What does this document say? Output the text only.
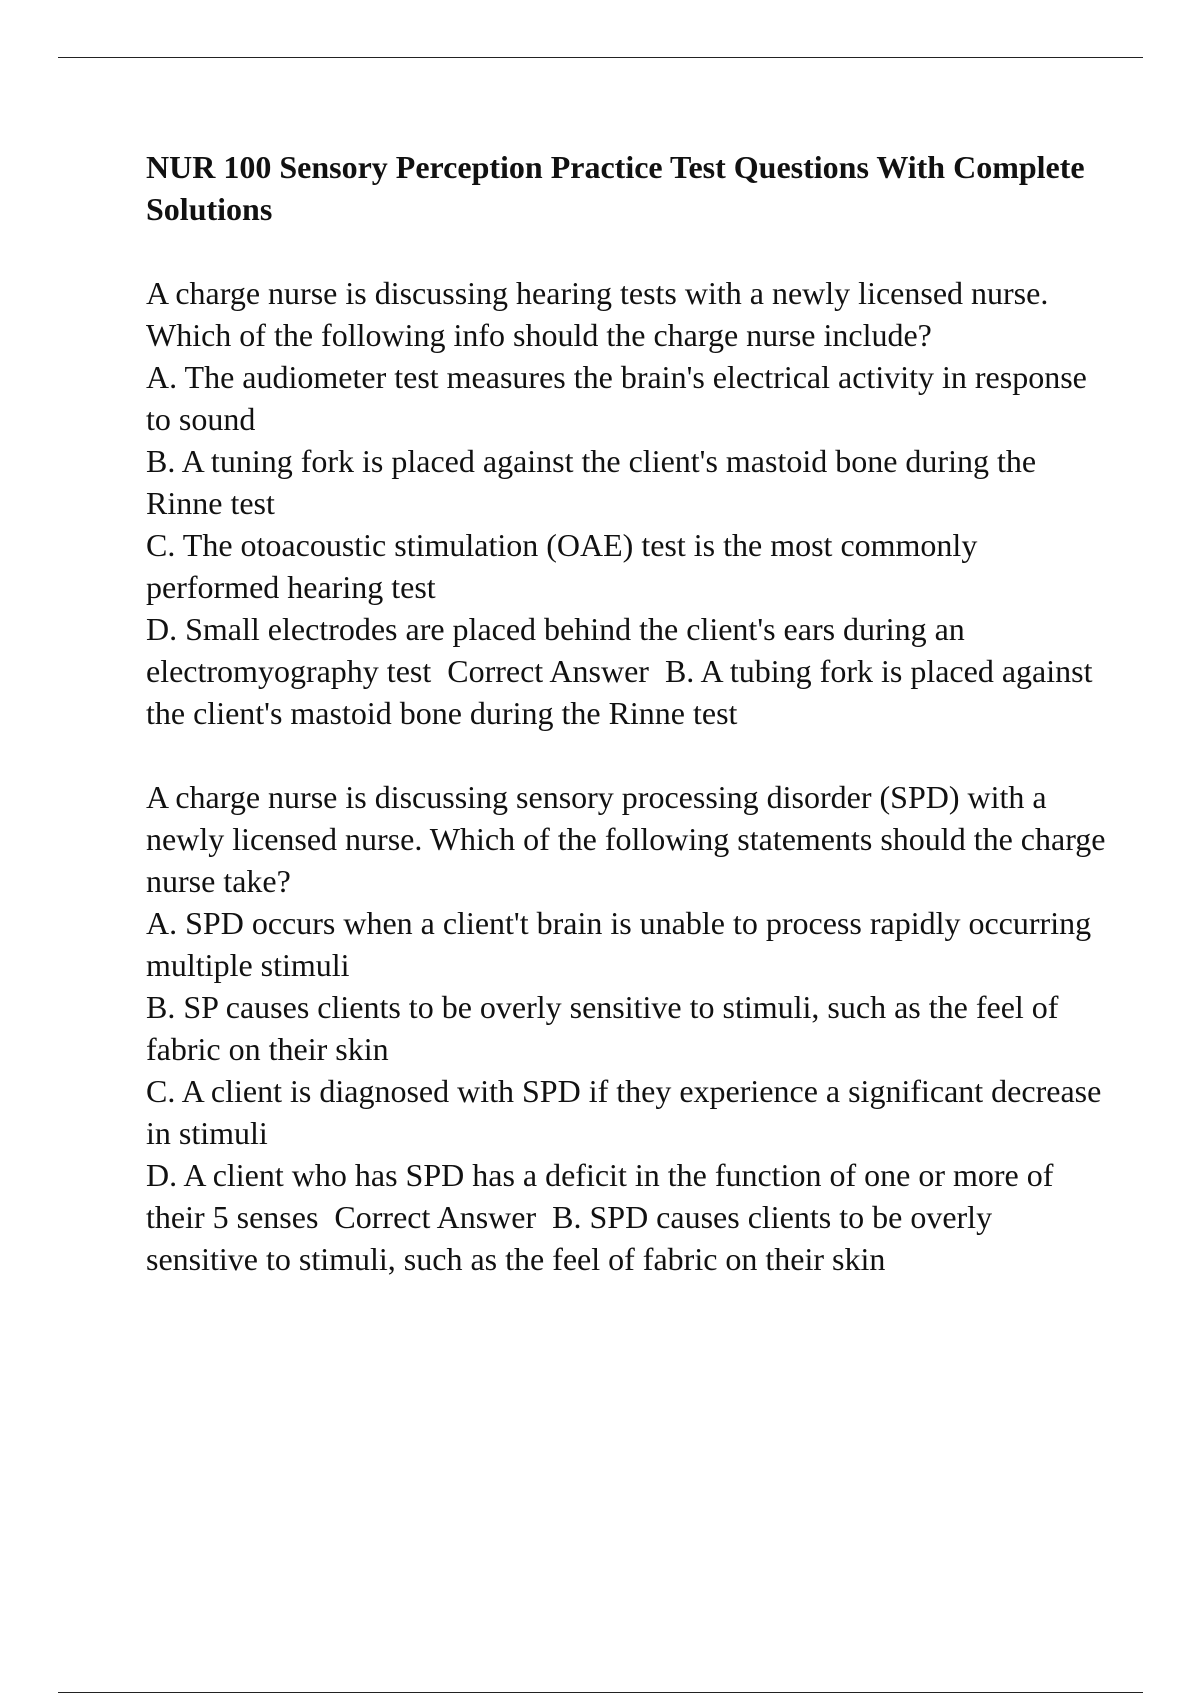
NUR 100 Sensory Perception Practice Test Questions With Complete Solutions

A charge nurse is discussing hearing tests with a newly licensed nurse. Which of the following info should the charge nurse include?

A. The audiometer test measures the brain's electrical activity in response to sound

B. A tuning fork is placed against the client's mastoid bone during the Rinne test

C. The otoacoustic stimulation (OAE) test is the most commonly performed hearing test

D. Small electrodes are placed behind the client's ears during an electromyography test  Correct Answer  B. A tubing fork is placed against the client's mastoid bone during the Rinne test

A charge nurse is discussing sensory processing disorder (SPD) with a newly licensed nurse. Which of the following statements should the charge nurse take?

A. SPD occurs when a client't brain is unable to process rapidly occurring multiple stimuli

B. SP causes clients to be overly sensitive to stimuli, such as the feel of fabric on their skin

C. A client is diagnosed with SPD if they experience a significant decrease in stimuli

D. A client who has SPD has a deficit in the function of one or more of their 5 senses  Correct Answer  B. SPD causes clients to be overly sensitive to stimuli, such as the feel of fabric on their skin
